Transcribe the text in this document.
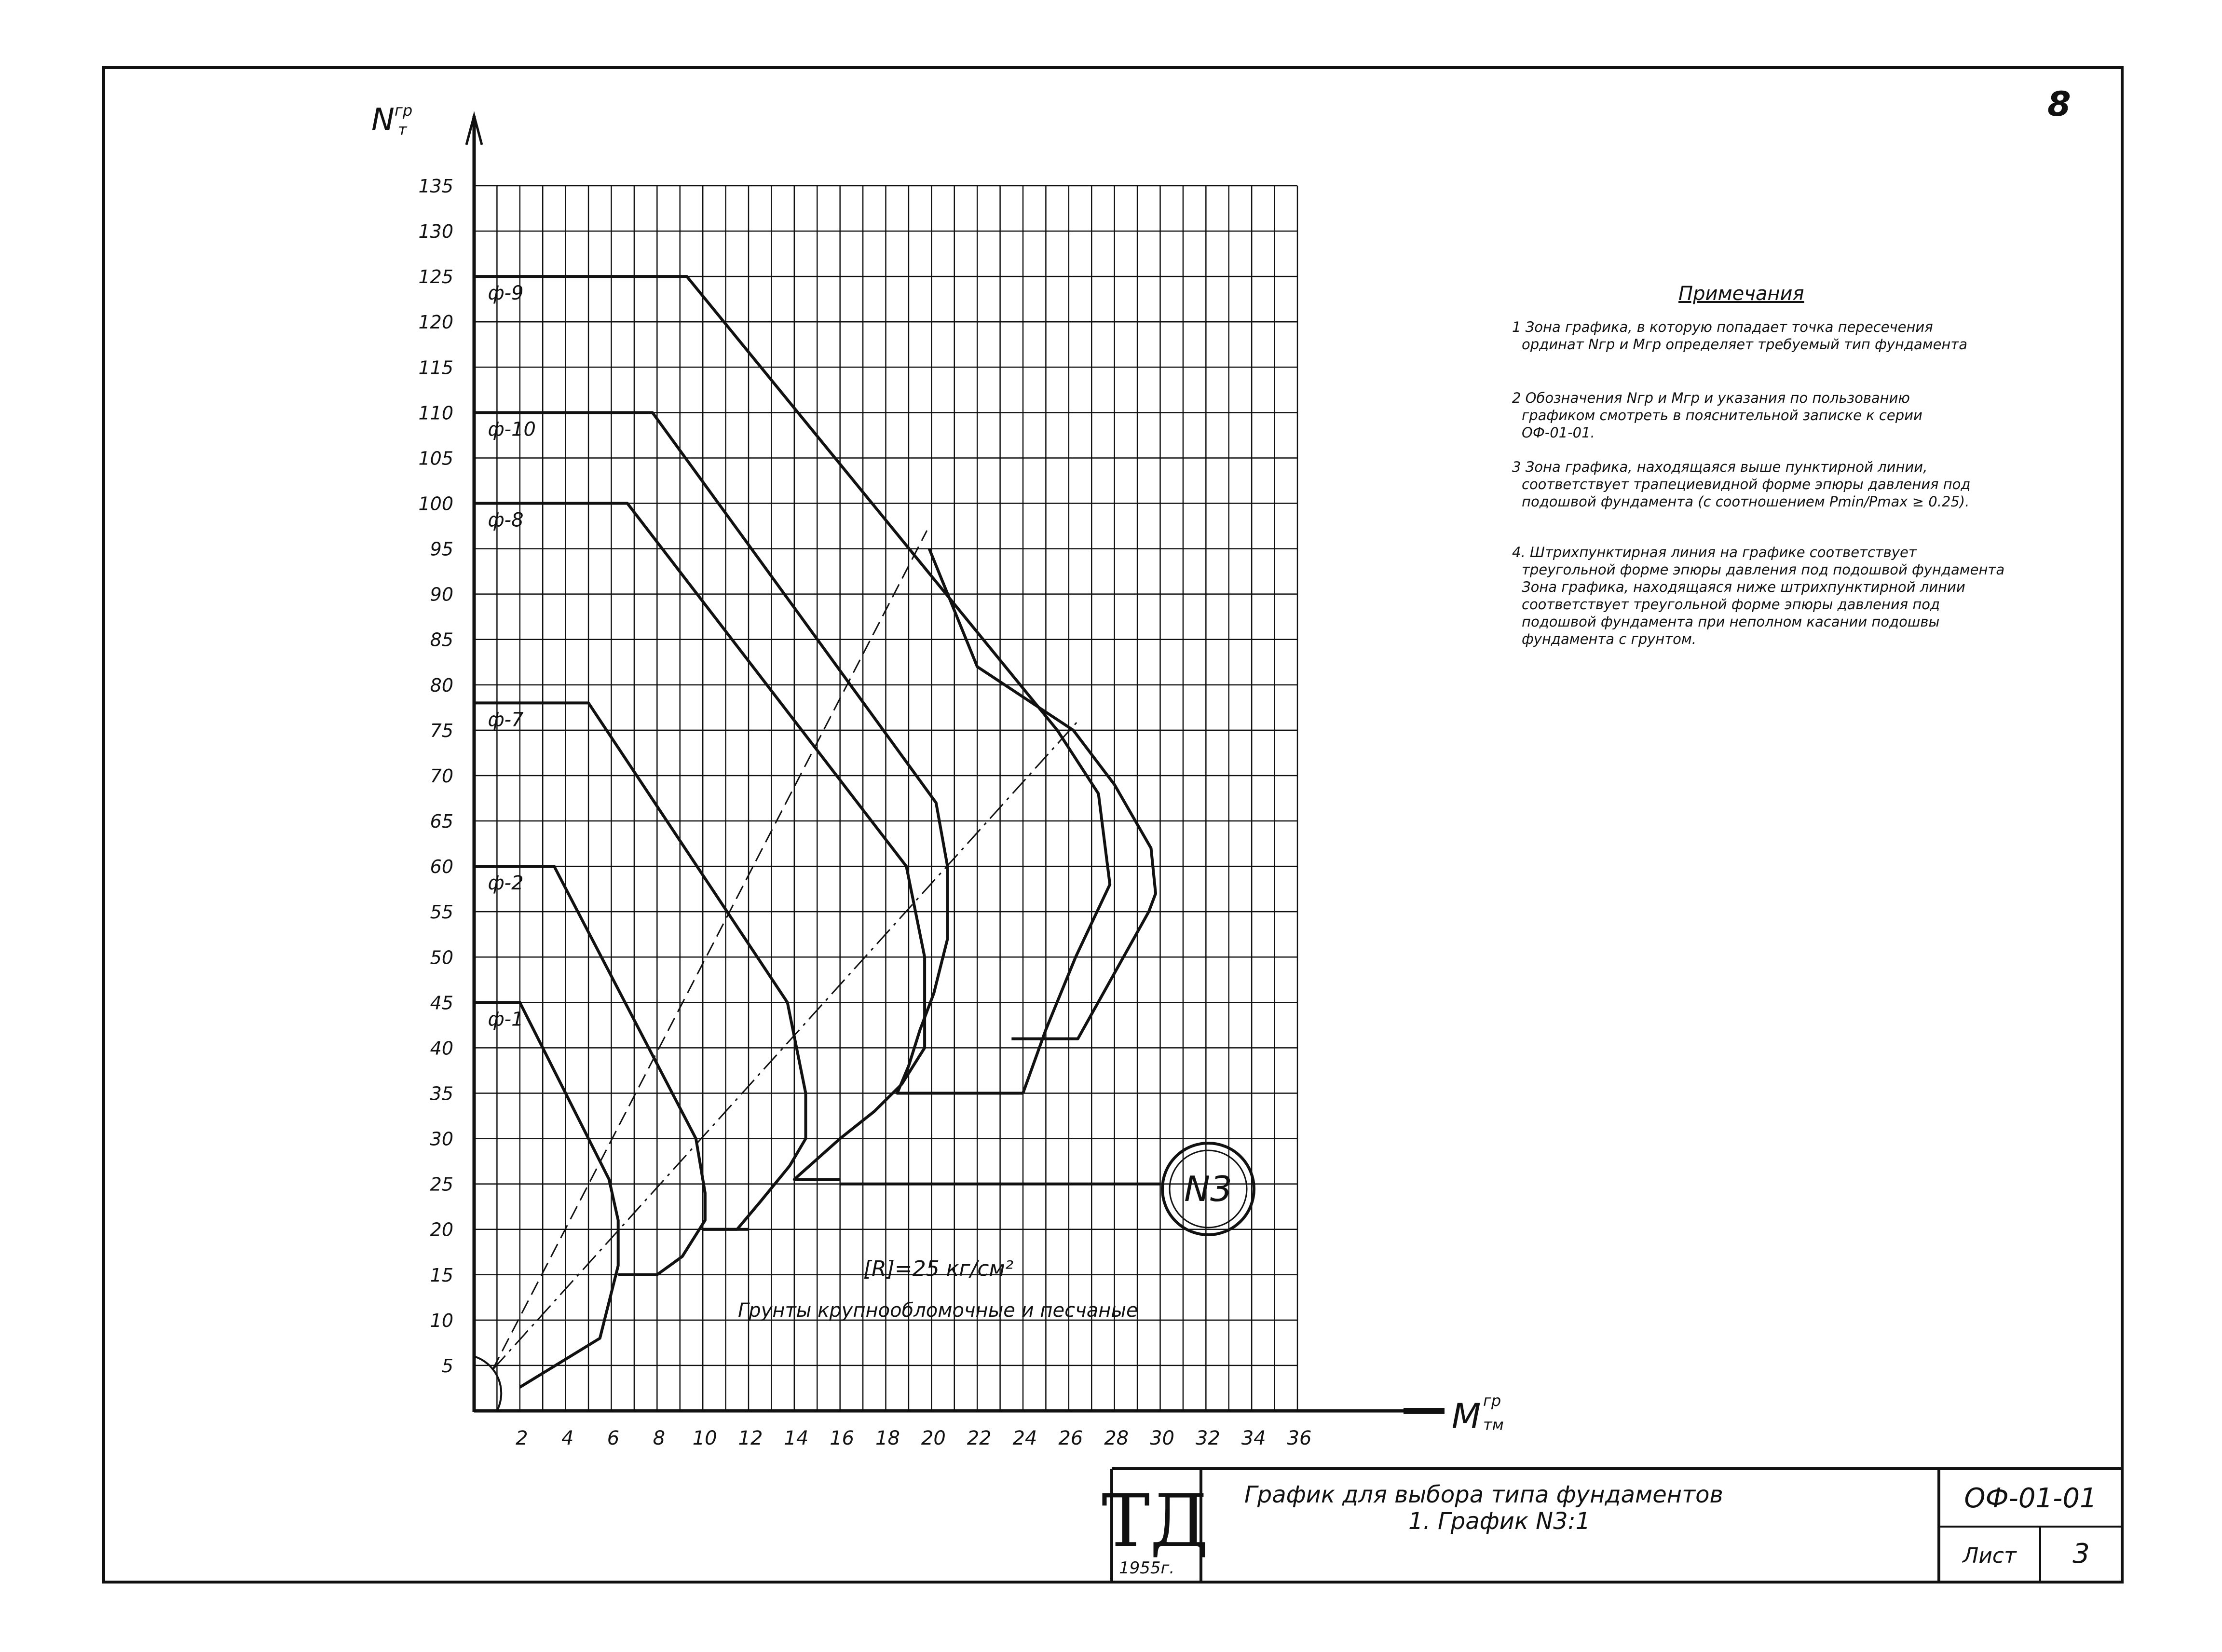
8
2 4 6 8 10 12 14 16 18 20 22 24 26 28 30 32 34 36
5
10
15
20
25
30
35
40
45
50
55
60
65
70
75
80
85
90
95
100
105
110
115
120
125
130
135
ф-1
ф-2
ф-7
ф-8
ф-10
ф-9
N гр
т
M гр
тм
N3
[R]=25 кг/см²
Грунты крупнообломочные и песчаные
Примечания
1 Зона графика, в которую попадает точка пересечения ординат Nгр и Mгр определяет требуемый тип фундамента
2 Обозначения Nгр и Mгр и указания по пользованию графиком смотреть в пояснительной записке к серии ОФ-01-01.
3 Зона графика, находящаяся выше пунктирной линии, соответствует трапециевидной форме эпюры давления под подошвой фундамента (с соотношением Pmin/Pmax ≥ 0.25).
4. Штрихпунктирная линия на графике соответствует треугольной форме эпюры давления под подошвой фундамента Зона графика, находящаяся ниже штрихпунктирной линии соответствует треугольной форме эпюры давления под подошвой фундамента при неполном касании подошвы фундамента с грунтом.
ТД
1955г.
График для выбора типа фундаментов
1. График N3:1
ОФ-01-01
Лист 3
